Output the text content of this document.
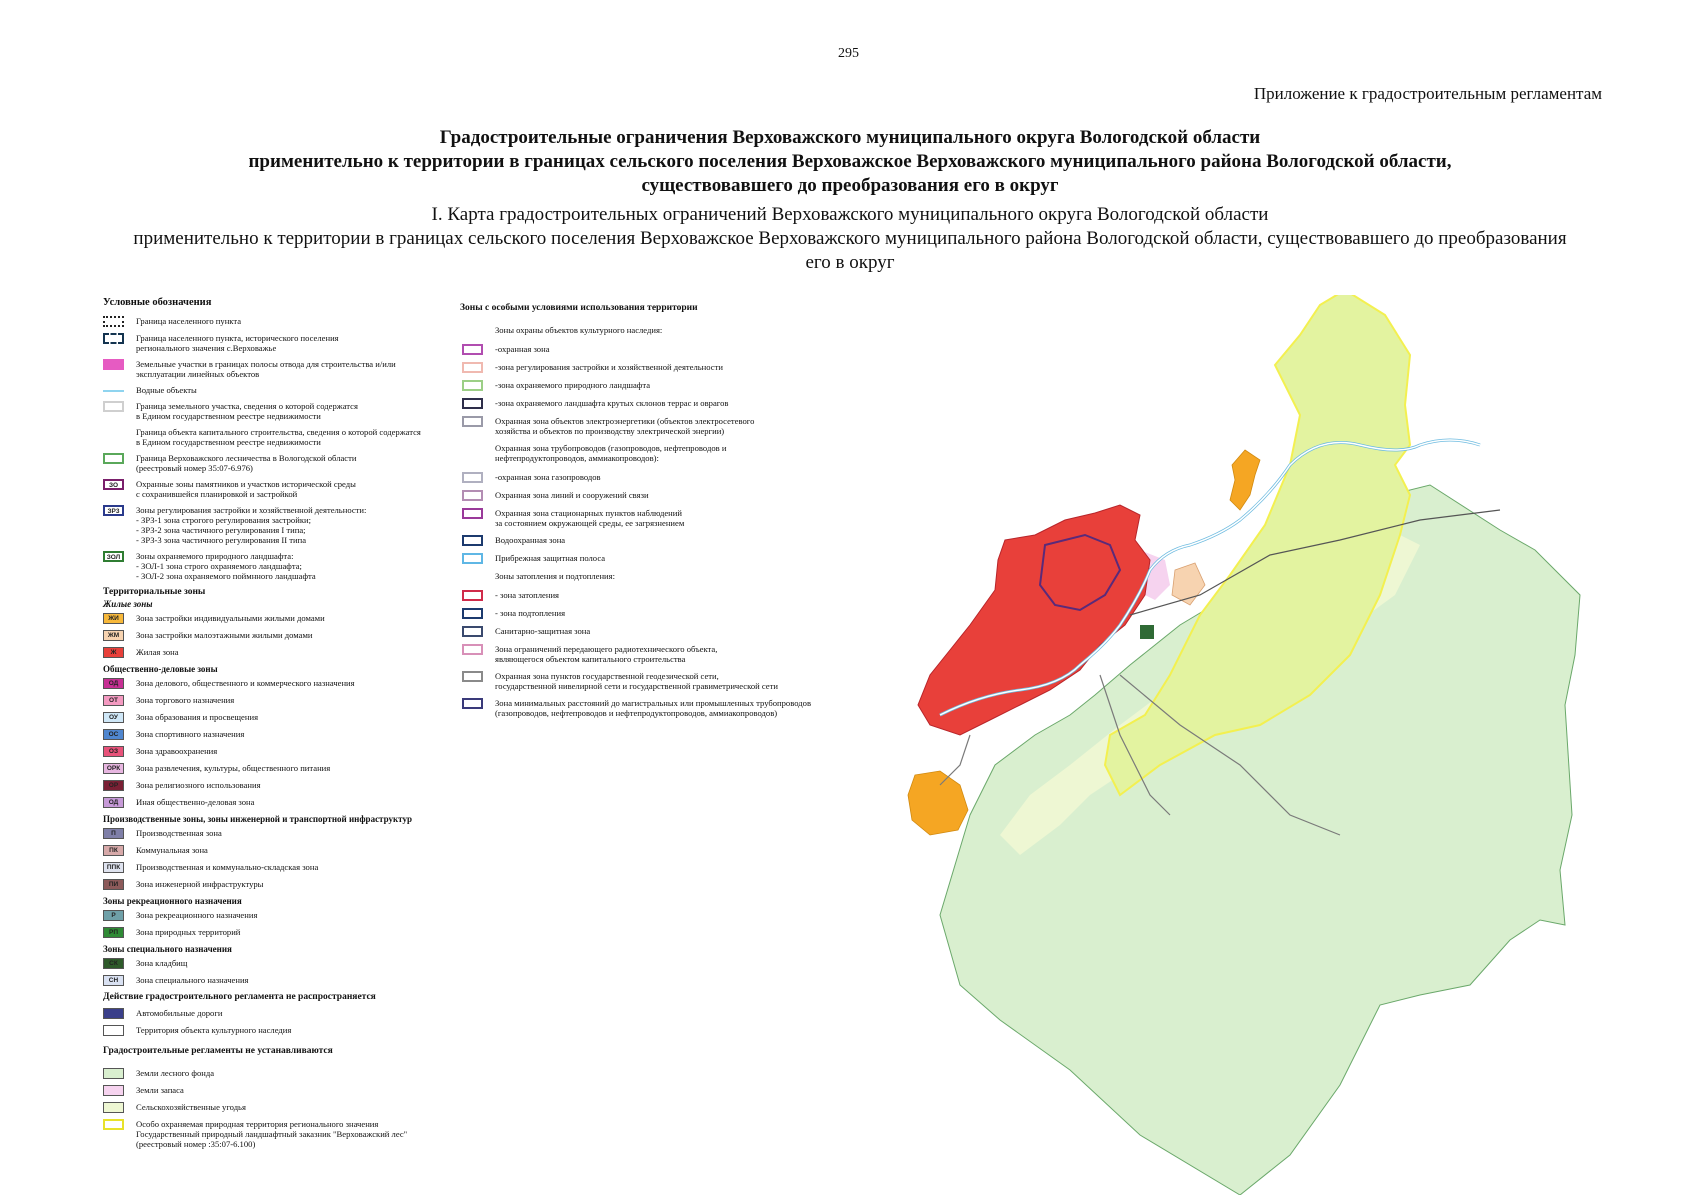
295
Приложение к градостроительным регламентам
Градостроительные ограничения Верховажского муниципального округа Вологодской области
применительно к территории в границах сельского поселения Верховажское Верховажского муниципального района Вологодской области,
существовавшего до преобразования его в округ
I. Карта градостроительных ограничений Верховажского муниципального округа Вологодской области
применительно к территории в границах сельского поселения Верховажское Верховажского муниципального района Вологодской области, существовавшего до преобразования
его в округ
Условные обозначения
Граница населенного пункта
Граница населенного пункта, исторического поселения
регионального значения с.Верховажье
Земельные участки в границах полосы отвода для строительства и/или
эксплуатации линейных объектов
Водные объекты
Граница земельного участка, сведения о которой содержатся
в Едином государственном реестре недвижимости
Граница объекта капитального строительства, сведения о которой содержатся
в Едином государственном реестре недвижимости
Граница Верховажского лесничества в Вологодской области
(реестровый номер 35:07-6.976)
ЗО	Охранные зоны памятников и участков исторической среды
с сохранившейся планировкой и застройкой
ЗР3	Зоны регулирования застройки и хозяйственной деятельности:
- ЗРЗ-1 зона строгого регулирования застройки;
- ЗРЗ-2 зона частичного регулирования I типа;
- ЗРЗ-3 зона частичного регулирования II типа
ЗОЛ	Зоны охраняемого природного ландшафта:
- ЗОЛ-1 зона строго охраняемого ландшафта;
- ЗОЛ-2 зона охраняемого поймнного ландшафта
Территориальные зоны
Жилые зоны
ЖИ	Зона застройки индивидуальными жилыми домами
ЖМ	Зона застройки малоэтажными жилыми домами
Ж	Жилая зона
Общественно-деловые зоны
ОД	Зона делового, общественного и коммерческого назначения
ОТ	Зона торгового назначения
ОУ	Зона образования и просвещения
ОС	Зона спортивного назначения
ОЗ	Зона здравоохранения
ОРК	Зона развлечения, культуры, общественного питания
ОР	Зона религиозного использования
ОД	Иная общественно-деловая зона
Производственные зоны, зоны инженерной и транспортной инфраструктур
П	Производственная зона
ПК	Коммунальная зона
ППК	Производственная и коммунально-складская зона
ПИ	Зона инженерной инфраструктуры
Зоны рекреационного назначения
Р	Зона рекреационного назначения
РП	Зона природных территорий
Зоны специального назначения
СК	Зона кладбищ
СН	Зона специального назначения
Действие градостроительного регламента не распространяется
Автомобильные дороги
Территория объекта культурного наследия
Градостроительные регламенты не устанавливаются
Земли лесного фонда
Земли запаса
Сельскохозяйственные угодья
Особо охраняемая природная территория регионального значения
Государственный природный ландшафтный заказник "Верховажский лес"
(реестровый номер :35:07-6.100)
Зоны с особыми условиями использования территории
Зоны охраны объектов культурного наследия:
-охранная зона
-зона регулирования застройки и хозяйственной деятельности
-зона охраняемого природного ландшафта
-зона охраняемого ландшафта крутых склонов террас и оврагов
Охранная зона объектов электроэнергетики (объектов электросетевого
хозяйства и объектов по производству электрической энергии)
Охранная зона трубопроводов (газопроводов, нефтепроводов и
нефтепродуктопроводов, аммиакопроводов):
-охранная зона газопроводов
Охранная зона линий и сооружений связи
Охранная зона стационарных пунктов наблюдений
за состоянием окружающей среды, ее загрязнением
Водоохранная зона
Прибрежная защитная полоса
Зоны затопления и подтопления:
- зона затопления
- зона подтопления
Санитарно-защитная зона
Зона ограничений передающего радиотехнического объекта,
являющегося объектом капитального строительства
Охранная зона пунктов государственной геодезической сети,
государственной нивелирной сети и государственной гравиметрической сети
Зона минимальных расстояний до магистральных или промышленных трубопроводов
(газопроводов, нефтепроводов и нефтепродуктопроводов, аммиакопроводов)
